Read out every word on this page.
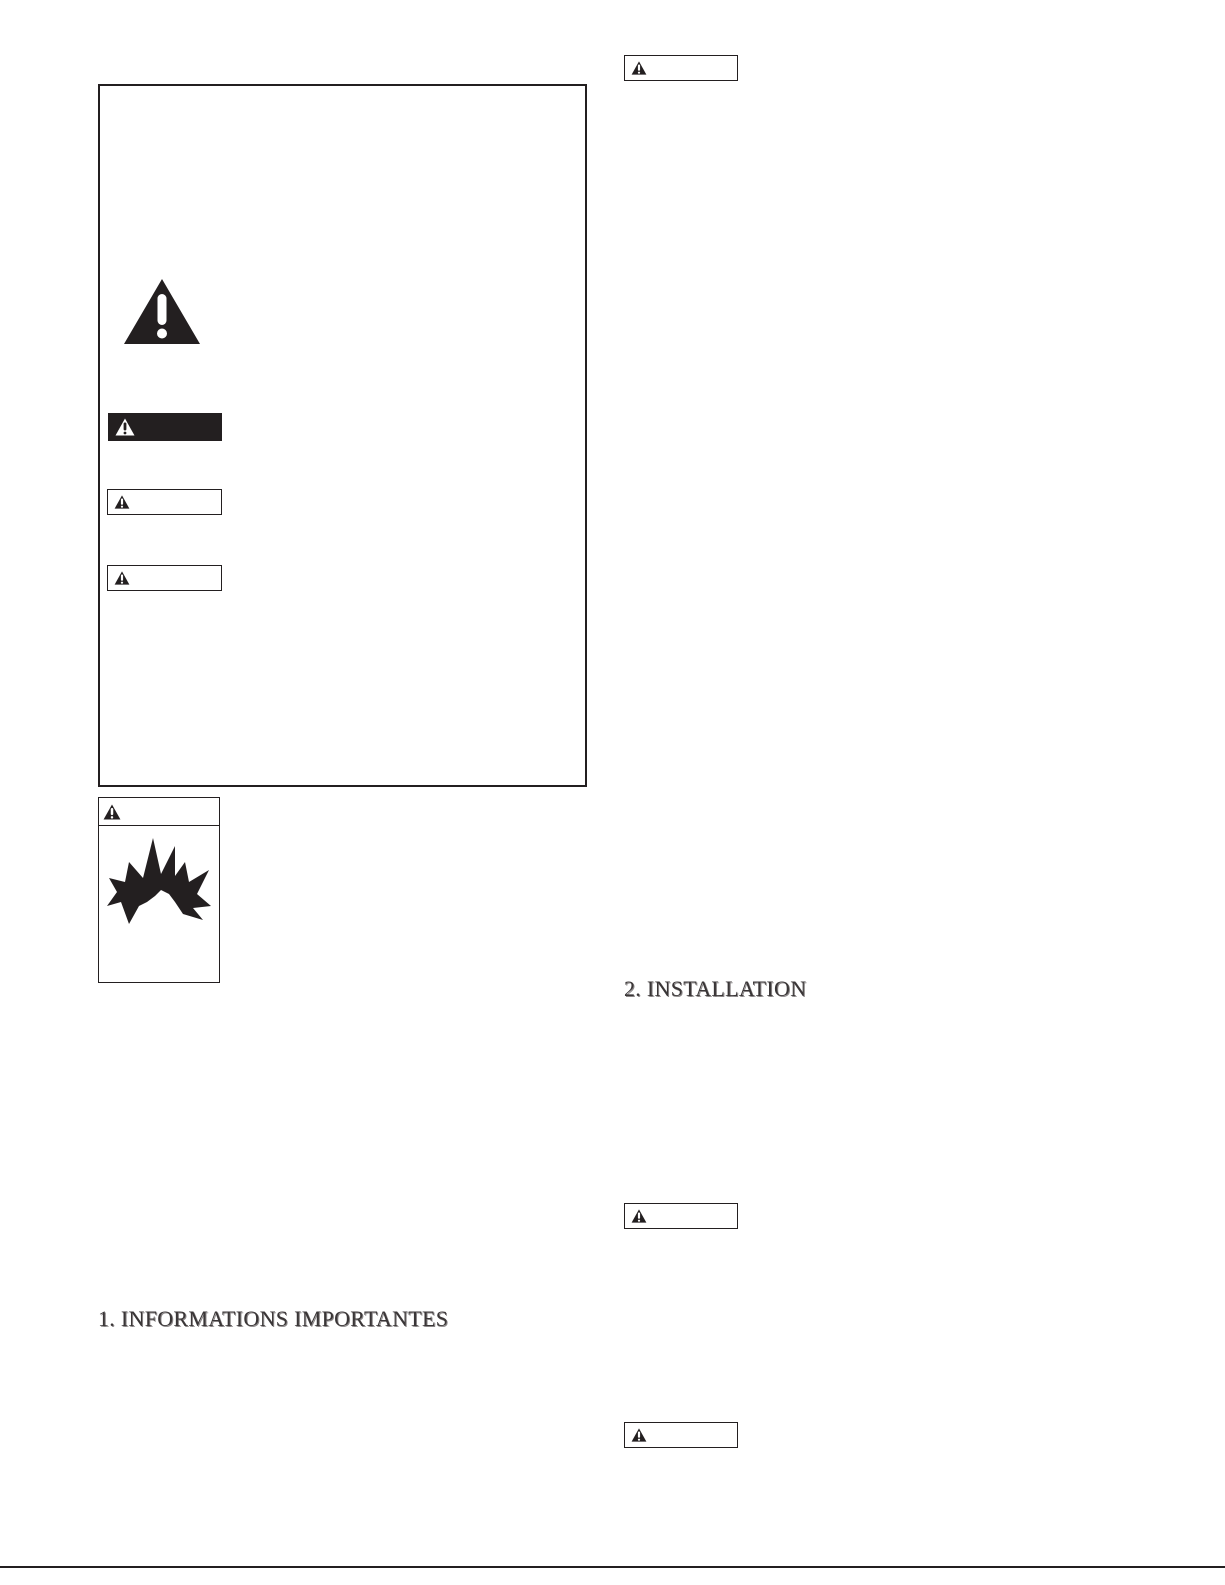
1. INFORMATIONS IMPORTANTES
2. INSTALLATION
